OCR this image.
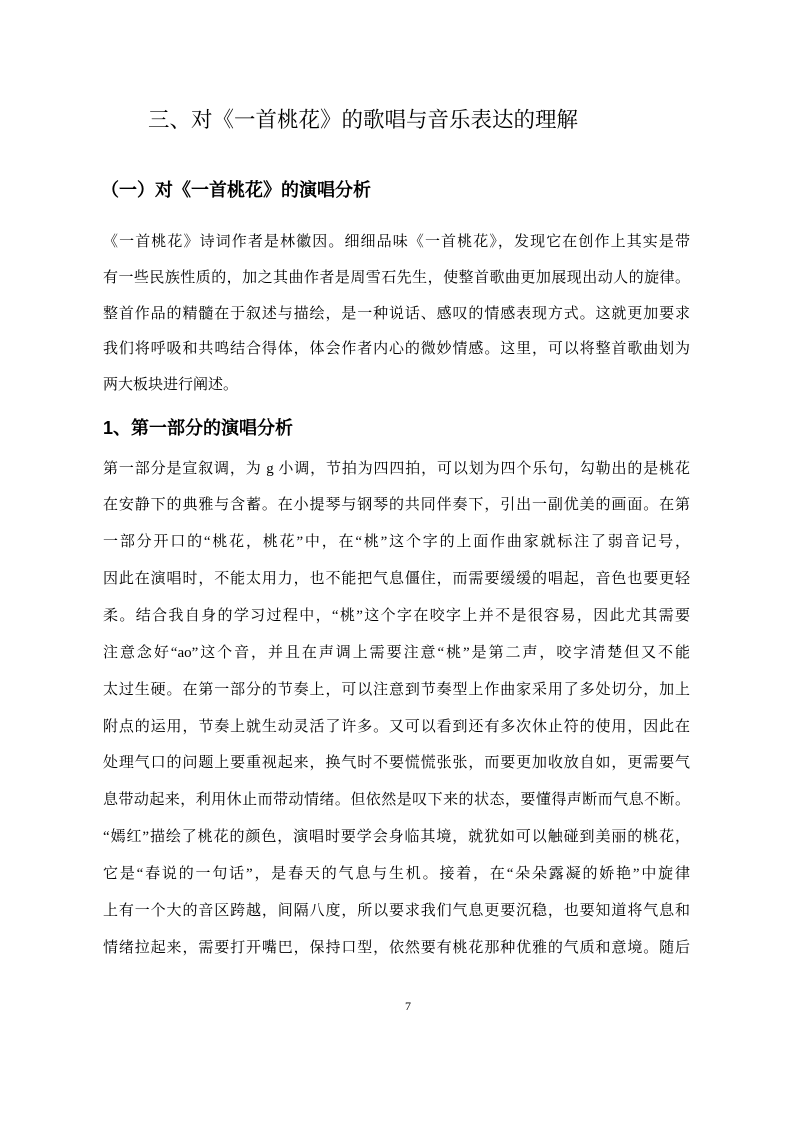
三、对《一首桃花》的歌唱与音乐表达的理解
（一）对《一首桃花》的演唱分析
《一首桃花》诗词作者是林徽因。细细品味《一首桃花》，发现它在创作上其实是带
有一些民族性质的，加之其曲作者是周雪石先生，使整首歌曲更加展现出动人的旋律。
整首作品的精髓在于叙述与描绘，是一种说话、感叹的情感表现方式。这就更加要求
我们将呼吸和共鸣结合得体，体会作者内心的微妙情感。这里，可以将整首歌曲划为
两大板块进行阐述。
1、第一部分的演唱分析
第一部分是宣叙调，为 g 小调，节拍为四四拍，可以划为四个乐句，勾勒出的是桃花
在安静下的典雅与含蓄。在小提琴与钢琴的共同伴奏下，引出一副优美的画面。在第
一部分开口的“桃花，桃花”中，在“桃”这个字的上面作曲家就标注了弱音记号，
因此在演唱时，不能太用力，也不能把气息僵住，而需要缓缓的唱起，音色也要更轻
柔。结合我自身的学习过程中，“桃”这个字在咬字上并不是很容易，因此尤其需要
注意念好“ao”这个音，并且在声调上需要注意“桃”是第二声，咬字清楚但又不能
太过生硬。在第一部分的节奏上，可以注意到节奏型上作曲家采用了多处切分，加上
附点的运用，节奏上就生动灵活了许多。又可以看到还有多次休止符的使用，因此在
处理气口的问题上要重视起来，换气时不要慌慌张张，而要更加收放自如，更需要气
息带动起来，利用休止而带动情绪。但依然是叹下来的状态，要懂得声断而气息不断。
“嫣红”描绘了桃花的颜色，演唱时要学会身临其境，就犹如可以触碰到美丽的桃花，
它是“春说的一句话”，是春天的气息与生机。接着，在“朵朵露凝的娇艳”中旋律
上有一个大的音区跨越，间隔八度，所以要求我们气息更要沉稳，也要知道将气息和
情绪拉起来，需要打开嘴巴，保持口型，依然要有桃花那种优雅的气质和意境。随后
7
